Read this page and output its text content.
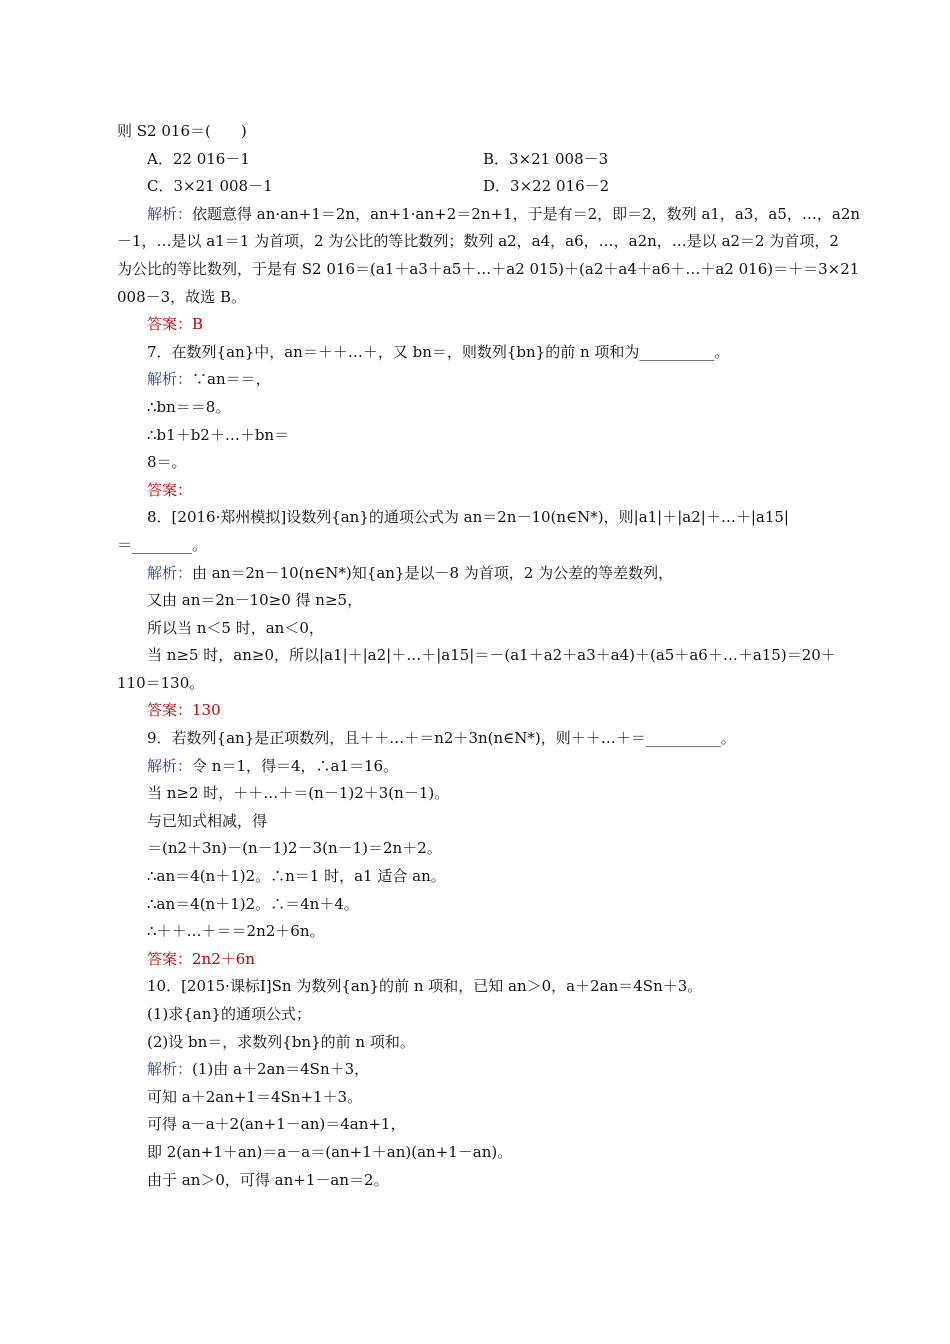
则 S2 016＝(　　)
A．22 016－1	B．3×21 008－3
C．3×21 008－1	D．3×22 016－2
解析：依题意得 an·an+1＝2n，an+1·an+2＝2n+1，于是有＝2，即＝2，数列 a1，a3，a5，…，a2n
－1，…是以 a1＝1 为首项，2 为公比的等比数列；数列 a2，a4，a6，…，a2n，…是以 a2＝2 为首项，2
为公比的等比数列，于是有 S2 016＝(a1＋a3＋a5＋…＋a2 015)＋(a2＋a4＋a6＋…＋a2 016)＝＋＝3×21
008－3，故选 B。
答案：B
7．在数列{an}中，an＝＋＋…＋，又 bn＝，则数列{bn}的前 n 项和为__________。
解析：∵an＝＝，
∴bn＝＝8。
∴b1＋b2＋…＋bn＝
8＝。
答案：
8．[2016·郑州模拟]设数列{an}的通项公式为 an＝2n－10(n∈N*)，则|a1|＋|a2|＋…＋|a15|
＝________。
解析：由 an＝2n－10(n∈N*)知{an}是以－8 为首项，2 为公差的等差数列，
又由 an＝2n－10≥0 得 n≥5，
所以当 n＜5 时，an＜0，
当 n≥5 时，an≥0，所以|a1|＋|a2|＋…＋|a15|＝－(a1＋a2＋a3＋a4)＋(a5＋a6＋…＋a15)＝20＋
110＝130。
答案：130
9．若数列{an}是正项数列，且＋＋…＋＝n2＋3n(n∈N*)，则＋＋…＋＝__________。
解析：令 n＝1，得＝4，∴a1＝16。
当 n≥2 时，＋＋…＋＝(n－1)2＋3(n－1)。
与已知式相减，得
＝(n2＋3n)－(n－1)2－3(n－1)＝2n＋2。
∴an＝4(n＋1)2。∴n＝1 时，a1 适合 an。
∴an＝4(n＋1)2。∴＝4n＋4。
∴＋＋…＋＝＝2n2＋6n。
答案：2n2＋6n
10．[2015·课标Ⅰ]Sn 为数列{an}的前 n 项和，已知 an＞0，a＋2an＝4Sn＋3。
(1)求{an}的通项公式；
(2)设 bn＝，求数列{bn}的前 n 项和。
解析：(1)由 a＋2an＝4Sn＋3，
可知 a＋2an+1＝4Sn+1＋3。
可得 a－a＋2(an+1－an)＝4an+1，
即 2(an+1＋an)＝a－a＝(an+1＋an)(an+1－an)。
由于 an＞0，可得 an+1－an＝2。
